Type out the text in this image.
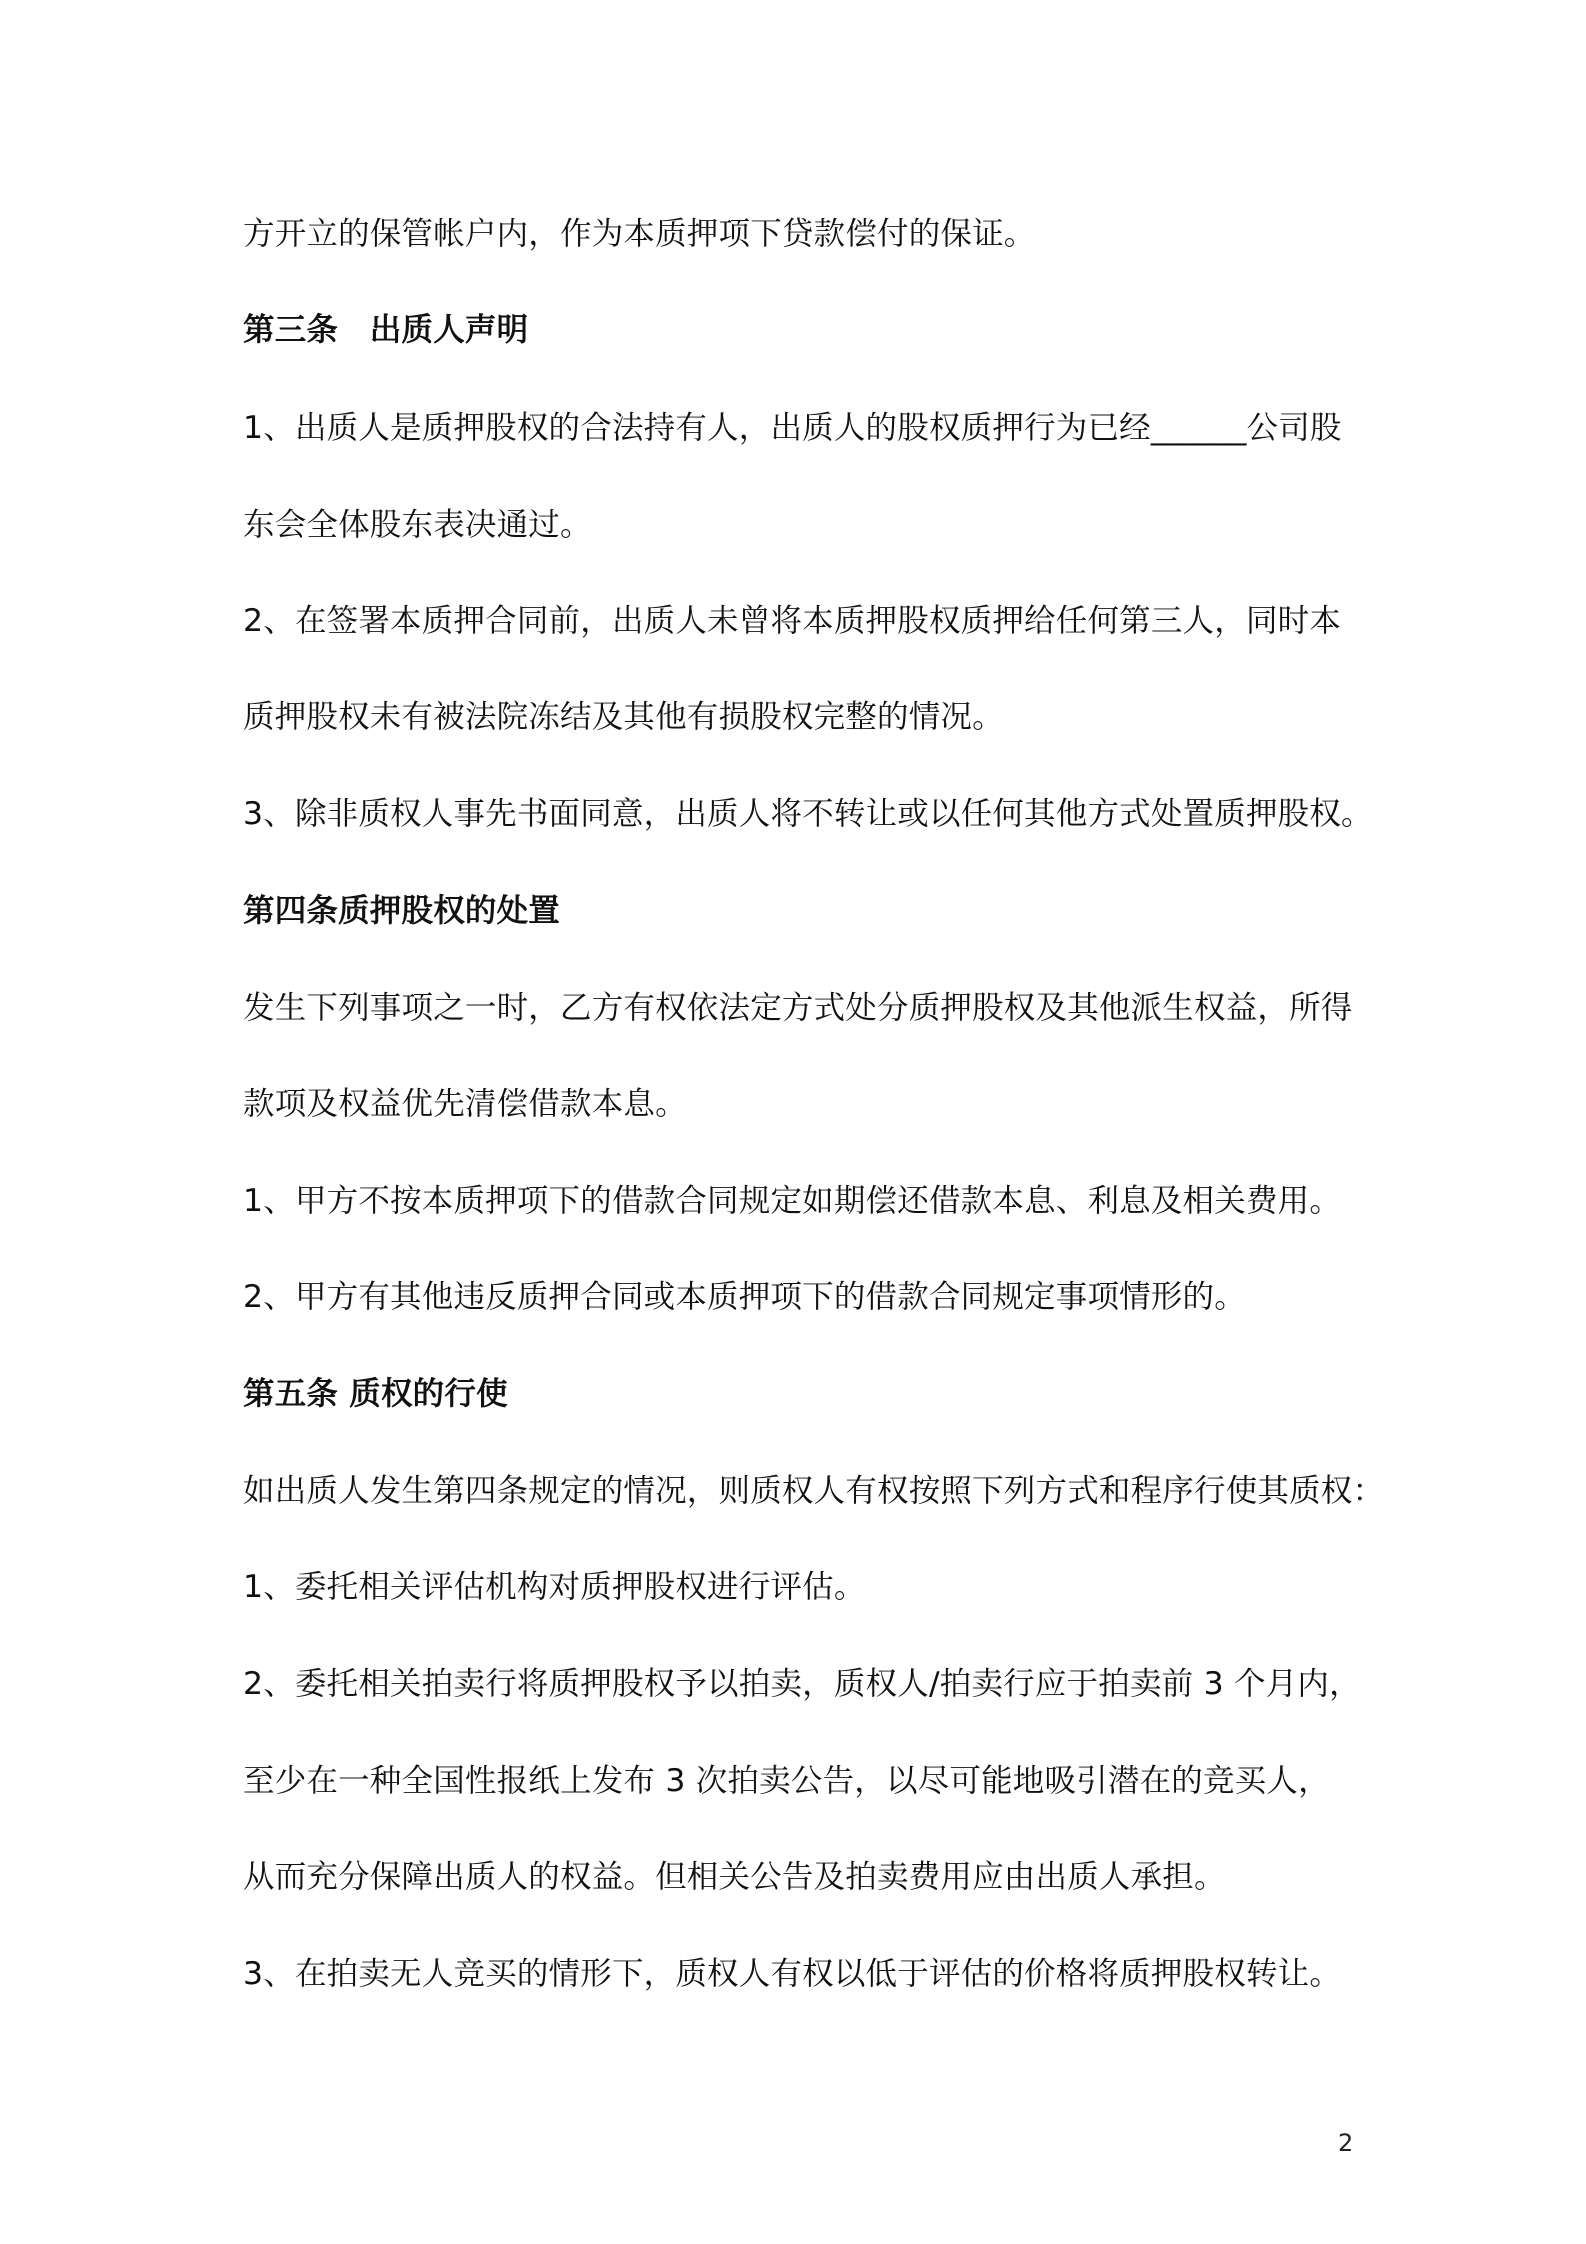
方开立的保管帐户内，作为本质押项下贷款偿付的保证。
第三条　出质人声明
1、出质人是质押股权的合法持有人，出质人的股权质押行为已经______公司股
东会全体股东表决通过。
2、在签署本质押合同前，出质人未曾将本质押股权质押给任何第三人，同时本
质押股权未有被法院冻结及其他有损股权完整的情况。
3、除非质权人事先书面同意，出质人将不转让或以任何其他方式处置质押股权。
第四条质押股权的处置
发生下列事项之一时，乙方有权依法定方式处分质押股权及其他派生权益，所得
款项及权益优先清偿借款本息。
1、甲方不按本质押项下的借款合同规定如期偿还借款本息、利息及相关费用。
2、甲方有其他违反质押合同或本质押项下的借款合同规定事项情形的。
第五条 质权的行使
如出质人发生第四条规定的情况，则质权人有权按照下列方式和程序行使其质权：
1、委托相关评估机构对质押股权进行评估。
2、委托相关拍卖行将质押股权予以拍卖，质权人/拍卖行应于拍卖前 3 个月内，
至少在一种全国性报纸上发布 3 次拍卖公告，以尽可能地吸引潜在的竞买人，
从而充分保障出质人的权益。但相关公告及拍卖费用应由出质人承担。
3、在拍卖无人竞买的情形下，质权人有权以低于评估的价格将质押股权转让。
2
